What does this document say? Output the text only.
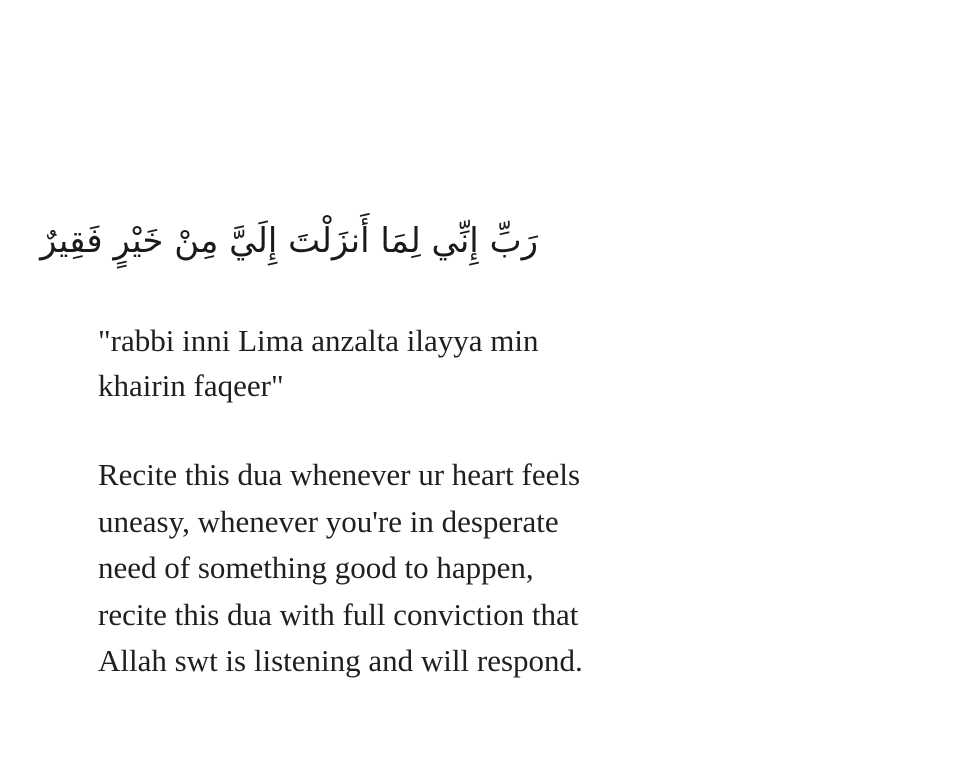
رَبِّ إِنِّي لِمَا أَنزَلْتَ إِلَيَّ مِنْ خَيْرٍ فَقِيرٌ
"rabbi inni Lima anzalta ilayya min
khairin faqeer"
Recite this dua whenever ur heart feels
uneasy, whenever you're in desperate
need of something good to happen,
recite this dua with full conviction that
Allah swt is listening and will respond.
